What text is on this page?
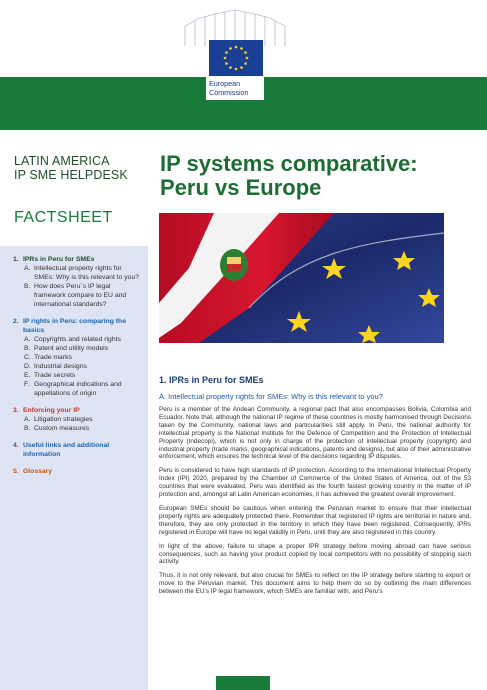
European
Commission
LATIN AMERICA
IP SME HELPDESK
FACTSHEET
1. IPRs in Peru for SMEs
A. Intellectual property rights for SMEs: Why is this relevant to you?
B. How does Peru´s IP legal framework compare to EU and international standards?
2. IP rights in Peru: comparing the basics
A. Copyrights and related rights
B. Patent and utility models
C. Trade marks
D. Industrial designs
E. Trade secrets
F. Geographical indications and appellations of origin
3. Enforcing your IP
A. Litigation strategies
B. Custom measures
4. Useful links and additional information
5. Glossary
IP systems comparative:
Peru vs Europe
1. IPRs in Peru for SMEs
A. Intellectual property rights for SMEs: Why is this relevant to you?

Peru is a member of the Andean Community, a regional pact that also encompasses Bolivia, Colombia and Ecuador. Note that, although the national IP regime of these countries is mostly harmonised through Decisions taken by the Community, national laws and particularities still apply. In Peru, the national authority for intellectual property is the National Institute for the Defence of Competition and the Protection of Intellectual Property (Indecopi), which is not only in charge of the protection of intellectual property (copyright) and industrial property (trade marks, geographical indications, patents and designs), but also of their administrative enforcement, which ensures the technical level of the decisions regarding IP disputes.

Peru is considered to have high standards of IP protection. According to the International Intellectual Property Index (IPI) 2020, prepared by the Chamber of Commerce of the United States of America, out of the 53 countries that were evaluated, Peru was identified as the fourth fastest growing country in the matter of IP protection and, amongst all Latin American economies, it has achieved the greatest overall improvement.

European SMEs should be cautious when entering the Peruvian market to ensure that their intellectual property rights are adequately protected there. Remember that registered IP rights are territorial in nature and, therefore, they are only protected in the territory in which they have been registered. Consequently, IPRs registered in Europe will have no legal validity in Peru, until they are also registered in this country.

In light of the above, failure to shape a proper IPR strategy before moving abroad can have serious consequences, such as having your product copied by local competitors with no possibility of stopping such activity.

Thus, it is not only relevant, but also crucial for SMEs to reflect on the IP strategy before starting to export or move to the Peruvian market. This document aims to help them do so by outlining the main differences between the EU's IP legal framework, which SMEs are familiar with, and Peru's
